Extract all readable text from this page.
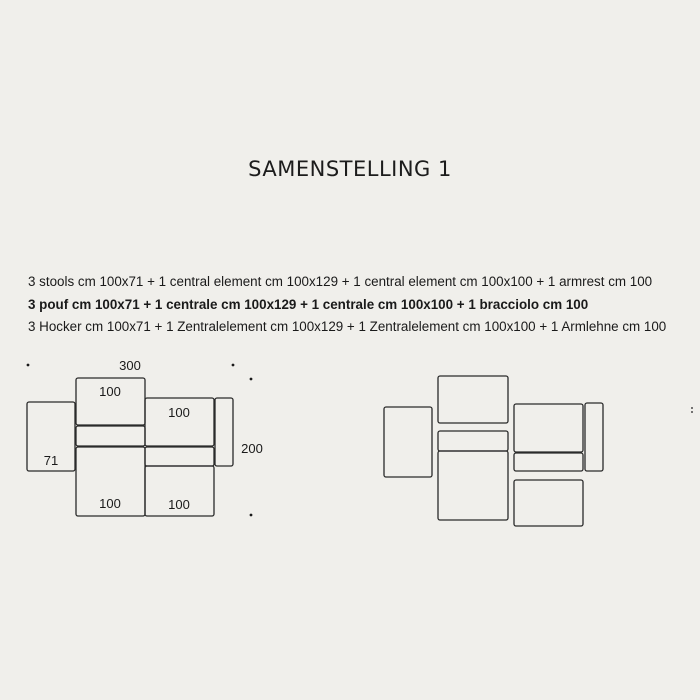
SAMENSTELLING 1
3 stools cm 100x71 + 1 central element cm 100x129 + 1 central element cm 100x100 + 1 armrest cm 100
3 pouf cm 100x71 + 1 centrale cm 100x129 + 1 centrale cm 100x100 + 1 bracciolo cm 100
3 Hocker cm 100x71 + 1 Zentralelement cm 100x129 + 1 Zentralelement cm 100x100 + 1 Armlehne cm 100
300
200
71
100
100
100	100
